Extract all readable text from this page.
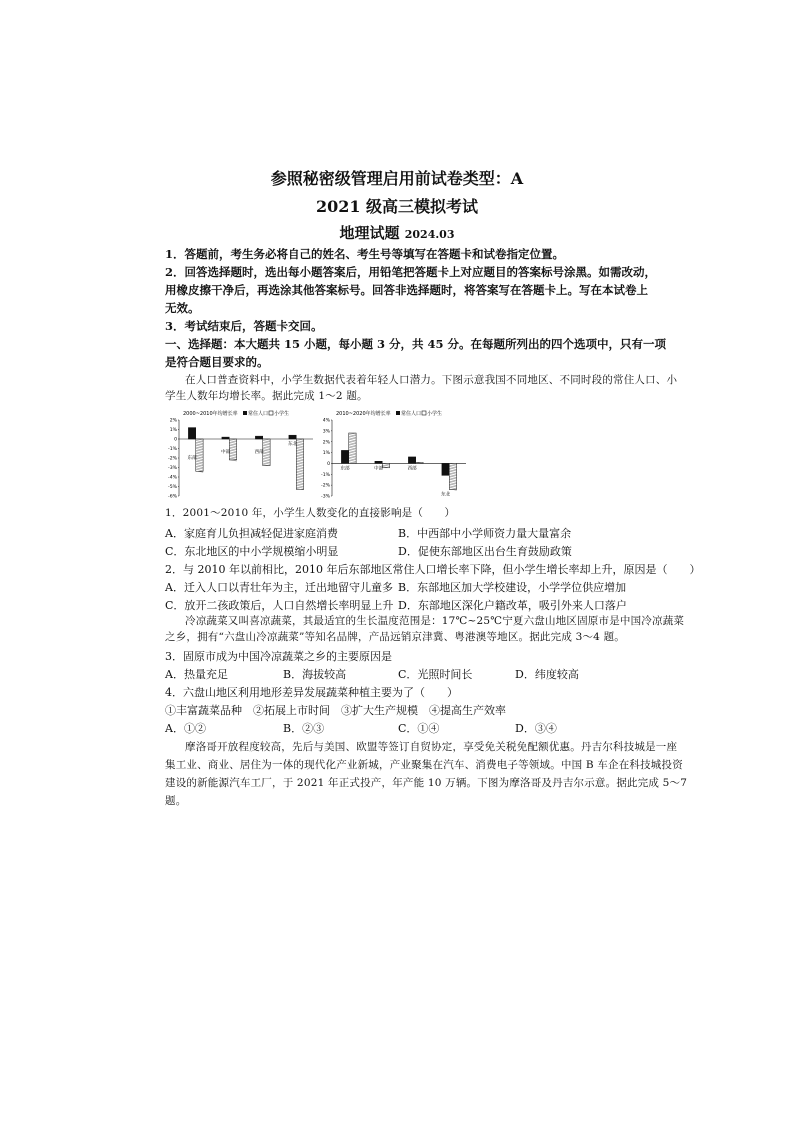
参照秘密级管理启用前试卷类型：A
2021 级高三模拟考试
地理试题 2024.03
1．答题前，考生务必将自己的姓名、考生号等填写在答题卡和试卷指定位置。
2．回答选择题时，选出每小题答案后，用铅笔把答题卡上对应题目的答案标号涂黑。如需改动，
用橡皮擦干净后，再选涂其他答案标号。回答非选择题时，将答案写在答题卡上。写在本试卷上
无效。
3．考试结束后，答题卡交回。
一、选择题：本大题共 15 小题，每小题 3 分，共 45 分。在每题所列出的四个选项中，只有一项
是符合题目要求的。
在人口普查资料中，小学生数据代表着年轻人口潜力。下图示意我国不同地区、不同时段的常住人口、小
学生人数年均增长率。据此完成 1～2 题。
2000~2010年均增长率 常住人口 小学生
2%
1%
0
-1%
-2%
-3%
-4%
-5%
-6%
东部
中部	西部
东北
2010~2020年均增长率 常住人口 小学生
4%
3%
2%
1%
0
-1%
-2%
-3%
东部	中部	西部
东北
1．2001～2010 年，小学生人数变化的直接影响是（　　）
A．家庭育儿负担减轻促进家庭消费	B．中西部中小学师资力量大量富余
C．东北地区的中小学规模缩小明显	D．促使东部地区出台生育鼓励政策
2．与 2010 年以前相比，2010 年后东部地区常住人口增长率下降，但小学生增长率却上升，原因是（　　）
A．迁入人口以青壮年为主，迁出地留守儿童多 B．东部地区加大学校建设，小学学位供应增加
C．放开二孩政策后，人口自然增长率明显上升 D．东部地区深化户籍改革，吸引外来人口落户
冷凉蔬菜又叫喜凉蔬菜，其最适宜的生长温度范围是：17℃~25℃宁夏六盘山地区固原市是中国冷凉蔬菜
之乡，拥有“六盘山冷凉蔬菜”等知名品牌，产品远销京津冀、粤港澳等地区。据此完成 3～4 题。
3．固原市成为中国冷凉蔬菜之乡的主要原因是
A．热量充足	B．海拔较高	C．光照时间长	D．纬度较高
4．六盘山地区利用地形差异发展蔬菜种植主要为了（　　）
①丰富蔬菜品种　②拓展上市时间　③扩大生产规模　④提高生产效率
A．①②	B．②③	C．①④	D．③④
摩洛哥开放程度较高，先后与美国、欧盟等签订自贸协定，享受免关税免配额优惠。丹吉尔科技城是一座
集工业、商业、居住为一体的现代化产业新城，产业聚集在汽车、消费电子等领域。中国 B 车企在科技城投资
建设的新能源汽车工厂，于 2021 年正式投产，年产能 10 万辆。下图为摩洛哥及丹吉尔示意。据此完成 5～7
题。
